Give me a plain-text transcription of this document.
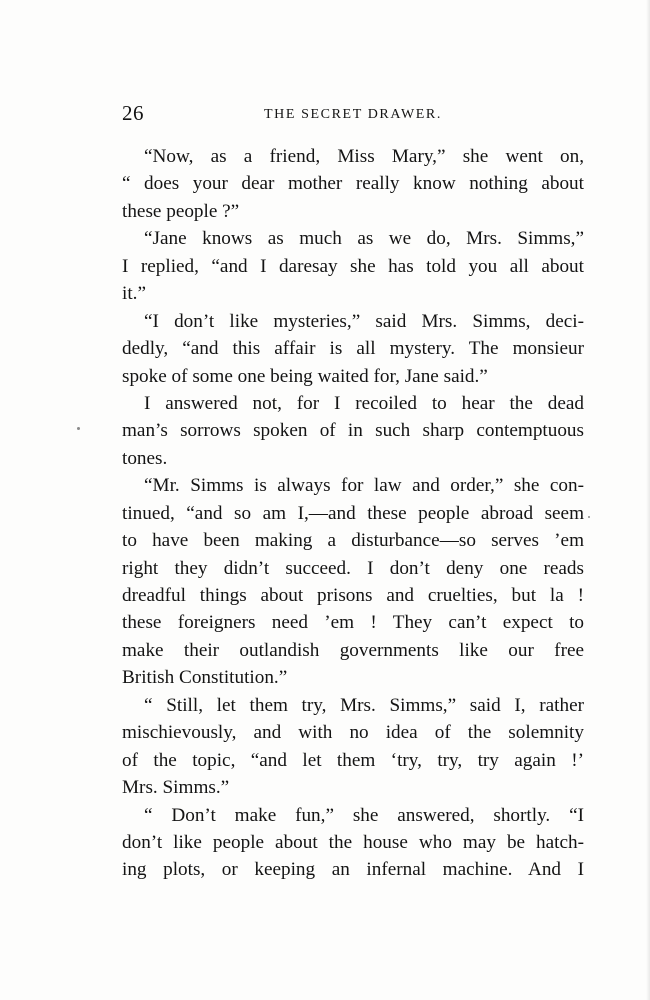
26	THE SECRET DRAWER.
“Now, as a friend, Miss Mary,” she went on,
“ does your dear mother really know nothing about
these people ?”
“Jane knows as much as we do, Mrs. Simms,”
I replied, “and I daresay she has told you all about
it.”
“I don’t like mysteries,” said Mrs. Simms, deci-
dedly, “and this affair is all mystery. The monsieur
spoke of some one being waited for, Jane said.”
I answered not, for I recoiled to hear the dead
man’s sorrows spoken of in such sharp contemptuous
tones.
“Mr. Simms is always for law and order,” she con-
tinued, “and so am I,—and these people abroad seem
to have been making a disturbance—so serves ’em
right they didn’t succeed. I don’t deny one reads
dreadful things about prisons and cruelties, but la !
these foreigners need ’em ! They can’t expect to
make their outlandish governments like our free
British Constitution.”
“ Still, let them try, Mrs. Simms,” said I, rather
mischievously, and with no idea of the solemnity
of the topic, “and let them ‘try, try, try again !’
Mrs. Simms.”
“ Don’t make fun,” she answered, shortly. “I
don’t like people about the house who may be hatch-
ing plots, or keeping an infernal machine. And I
